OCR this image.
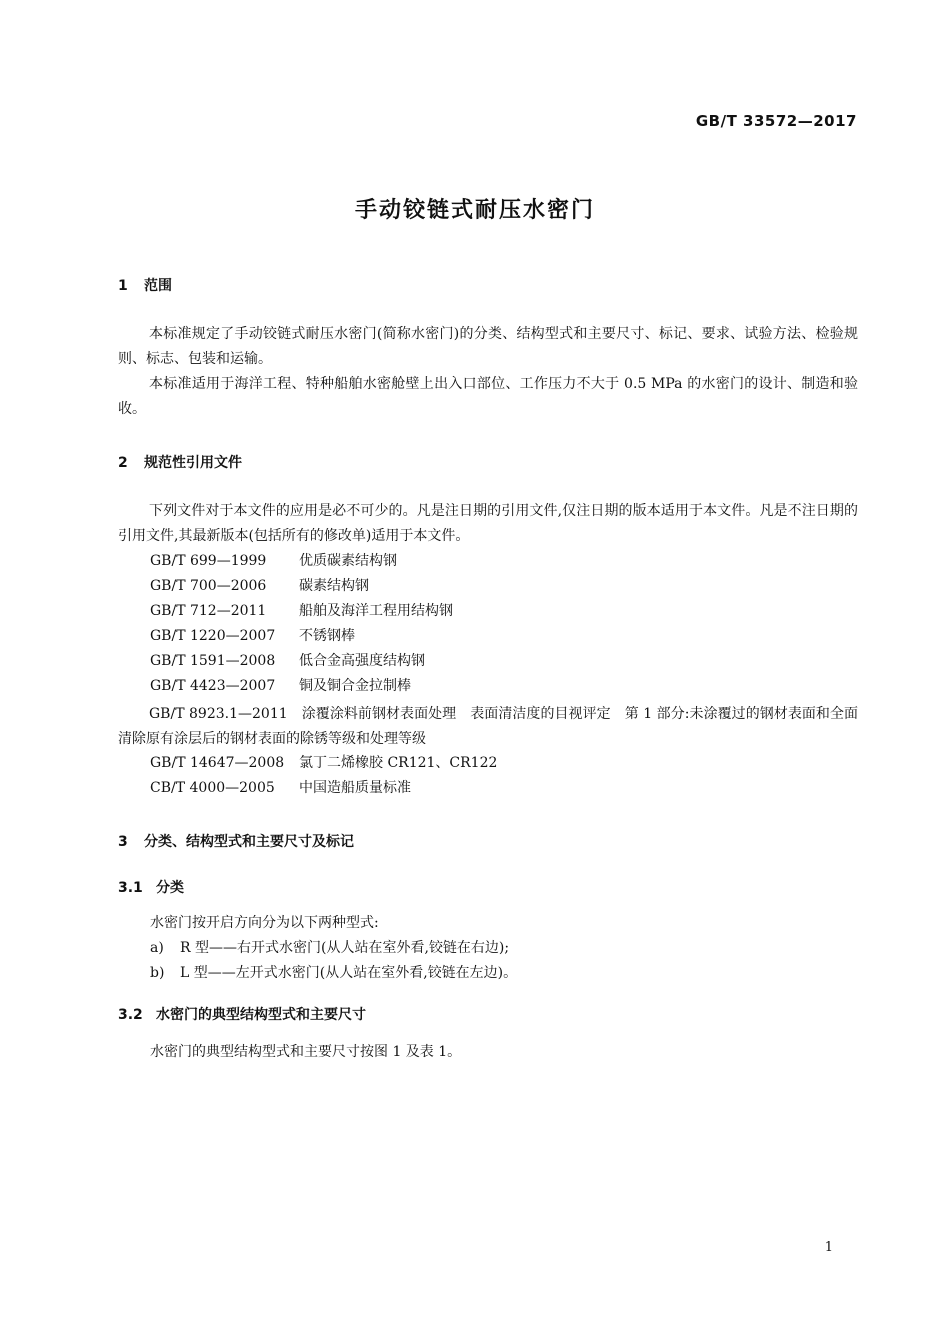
GB/T 33572—2017
手动铰链式耐压水密门
1 范围
本标准规定了手动铰链式耐压水密门(简称水密门)的分类、结构型式和主要尺寸、标记、要求、试验方法、检验规则、标志、包装和运输。
本标准适用于海洋工程、特种船舶水密舱壁上出入口部位、工作压力不大于 0.5 MPa 的水密门的设计、制造和验收。
2 规范性引用文件
下列文件对于本文件的应用是必不可少的。凡是注日期的引用文件,仅注日期的版本适用于本文件。凡是不注日期的引用文件,其最新版本(包括所有的修改单)适用于本文件。
GB/T 699—1999 优质碳素结构钢
GB/T 700—2006 碳素结构钢
GB/T 712—2011 船舶及海洋工程用结构钢
GB/T 1220—2007 不锈钢棒
GB/T 1591—2008 低合金高强度结构钢
GB/T 4423—2007 铜及铜合金拉制棒
GB/T 8923.1—2011　 涂覆涂料前钢材表面处理　表面清洁度的目视评定　第 1 部分:未涂覆过的钢材表面和全面清除原有涂层后的钢材表面的除锈等级和处理等级
GB/T 14647—2008 氯丁二烯橡胶 CR121、CR122
CB/T 4000—2005 中国造船质量标准
3 分类、结构型式和主要尺寸及标记
3.1 分类
水密门按开启方向分为以下两种型式:
a) R 型——右开式水密门(从人站在室外看,铰链在右边);
b) L 型——左开式水密门(从人站在室外看,铰链在左边)。
3.2 水密门的典型结构型式和主要尺寸
水密门的典型结构型式和主要尺寸按图 1 及表 1。
1
